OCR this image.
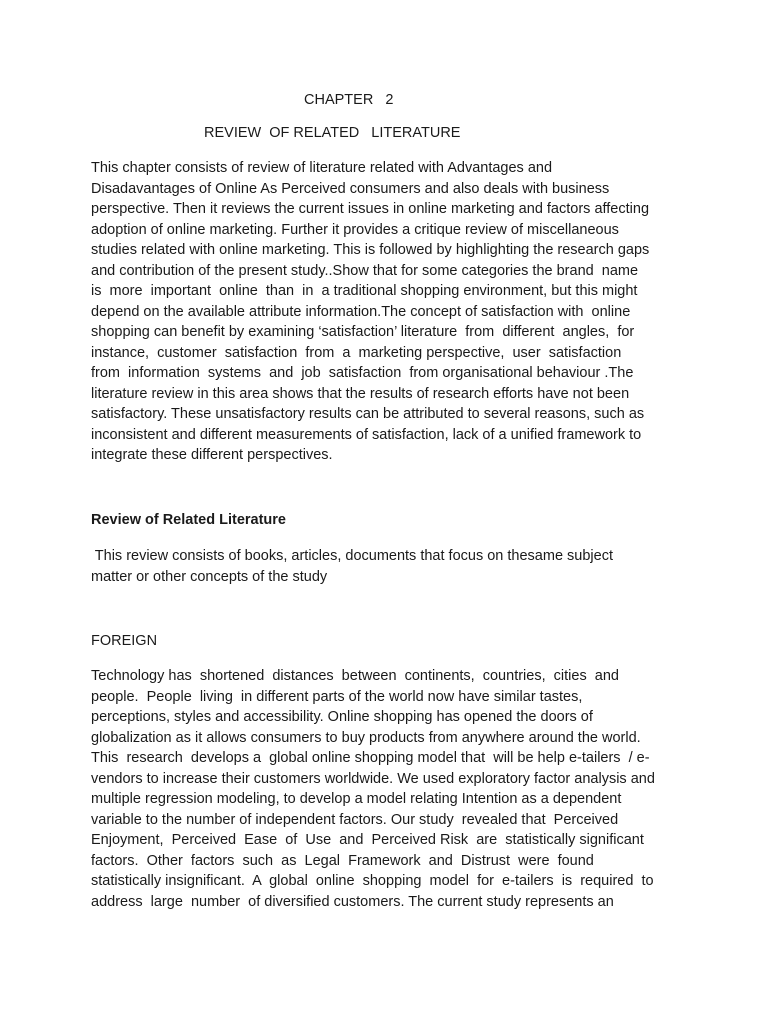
CHAPTER   2

REVIEW  OF RELATED   LITERATURE
This chapter consists of review of literature related with Advantages and
Disadavantages of Online As Perceived consumers and also deals with business
perspective. Then it reviews the current issues in online marketing and factors affecting
adoption of online marketing. Further it provides a critique review of miscellaneous
studies related with online marketing. This is followed by highlighting the research gaps
and contribution of the present study..Show that for some categories the brand  name
is  more  important  online  than  in  a traditional shopping environment, but this might
depend on the available attribute information.The concept of satisfaction with  online
shopping can benefit by examining ‘satisfaction’ literature  from  different  angles,  for
instance,  customer  satisfaction  from  a  marketing perspective,  user  satisfaction
from  information  systems  and  job  satisfaction  from organisational behaviour .The
literature review in this area shows that the results of research efforts have not been
satisfactory. These unsatisfactory results can be attributed to several reasons, such as
inconsistent and different measurements of satisfaction, lack of a unified framework to
integrate these different perspectives.
Review of Related Literature
This review consists of books, articles, documents that focus on thesame subject
matter or other concepts of the study
FOREIGN
Technology has  shortened  distances  between  continents,  countries,  cities  and
people.  People  living  in different parts of the world now have similar tastes,
perceptions, styles and accessibility. Online shopping has opened the doors of
globalization as it allows consumers to buy products from anywhere around the world.
This  research  develops a  global online shopping model that  will be help e-tailers  / e-
vendors to increase their customers worldwide. We used exploratory factor analysis and
multiple regression modeling, to develop a model relating Intention as a dependent
variable to the number of independent factors. Our study  revealed that  Perceived
Enjoyment,  Perceived  Ease  of  Use  and  Perceived Risk  are  statistically significant
factors.  Other  factors  such  as  Legal  Framework  and  Distrust  were  found
statistically insignificant.  A  global  online  shopping  model  for  e-tailers  is  required  to
address  large  number  of diversified customers. The current study represents an
